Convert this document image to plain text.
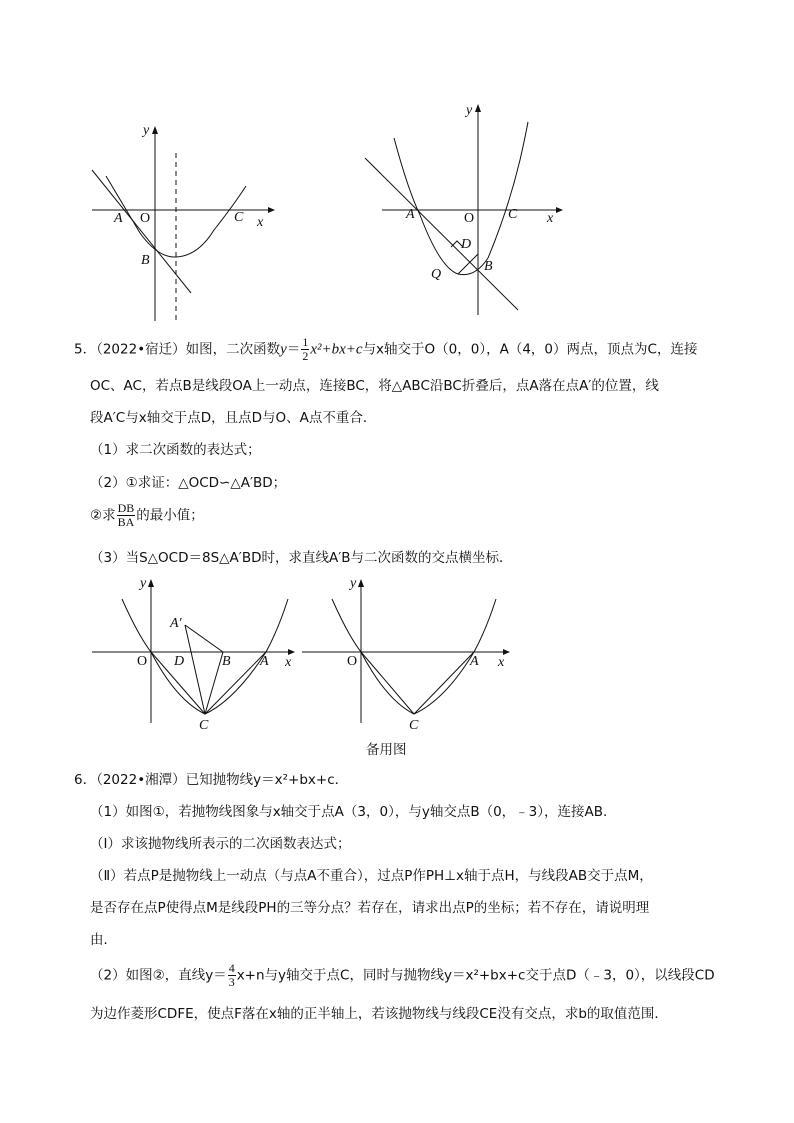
y
O
A
B
C x
y
O
A	C
D
B
Q
x
5．（2022•宿迁）如图，二次函数$y= \frac{1}{2} x^2+bx+c$与x轴交于O（0，0），A（4，0）两点，顶点为C，连接
OC、AC，若点B是线段OA上一动点，连接BC，将△ABC沿BC折叠后，点A落在点A′的位置，线
段A′C与x轴交于点D，且点D与O、A点不重合．
（1）求二次函数的表达式；
（2）①求证：△OCD∽△A′BD；
②求 $\frac{DB}{BA}$ 的最小值；
（3）当S△OCD＝8S△A′BD时，求直线A′B与二次函数的交点横坐标．
y
A′
O D	B A x
C
y
O	A x
C
备用图
6．（2022•湘潭）已知抛物线y＝x²+bx+c．
（1）如图①，若抛物线图象与x轴交于点A（3，0），与y轴交点B（0，﹣3），连接AB．
（Ⅰ）求该抛物线所表示的二次函数表达式；
（Ⅱ）若点P是抛物线上一动点（与点A不重合），过点P作PH⊥x轴于点H，与线段AB交于点M，
是否存在点P使得点M是线段PH的三等分点？若存在，请求出点P的坐标；若不存在，请说明理
由．
（2）如图②，直线$y= \frac{4}{3} x+n$与y轴交于点C，同时与抛物线y＝x²+bx+c交于点D（﹣3，0），以线段CD
为边作菱形CDFE，使点F落在x轴的正半轴上，若该抛物线与线段CE没有交点，求b的取值范围．
